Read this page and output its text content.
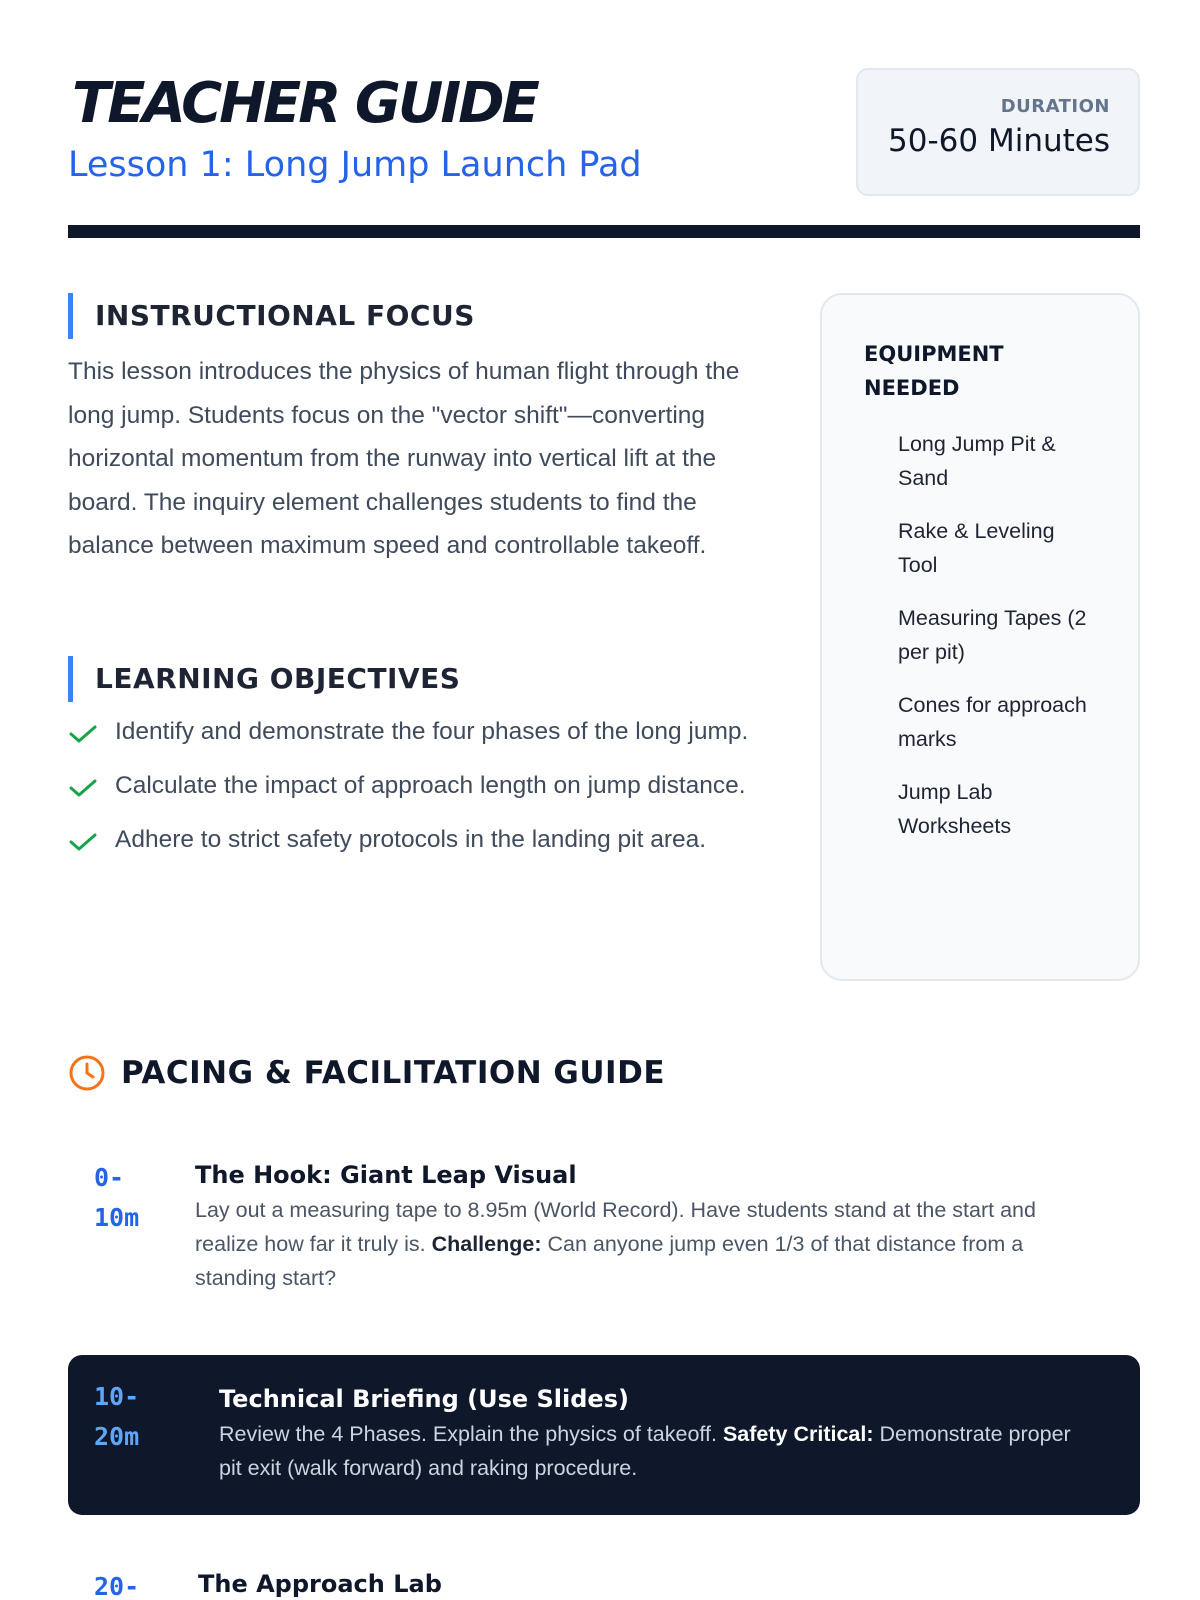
TEACHER GUIDE
Lesson 1: Long Jump Launch Pad
DURATION
50-60 Minutes
INSTRUCTIONAL FOCUS

This lesson introduces the physics of human flight through the long jump. Students focus on the "vector shift"—converting horizontal momentum from the runway into vertical lift at the board. The inquiry element challenges students to find the balance between maximum speed and controllable takeoff.

LEARNING OBJECTIVES
Identify and demonstrate the four phases of the long jump.
Calculate the impact of approach length on jump distance.
Adhere to strict safety protocols in the landing pit area.
EQUIPMENT NEEDED
Long Jump Pit & Sand
Rake & Leveling Tool
Measuring Tapes (2 per pit)
Cones for approach marks
Jump Lab Worksheets
PACING & FACILITATION GUIDE
0-10m
The Hook: Giant Leap Visual
Lay out a measuring tape to 8.95m (World Record). Have students stand at the start and realize how far it truly is. Challenge: Can anyone jump even 1/3 of that distance from a standing start?
10-20m
Technical Briefing (Use Slides)
Review the 4 Phases. Explain the physics of takeoff. Safety Critical: Demonstrate proper pit exit (walk forward) and raking procedure.
20-	The Approach Lab
